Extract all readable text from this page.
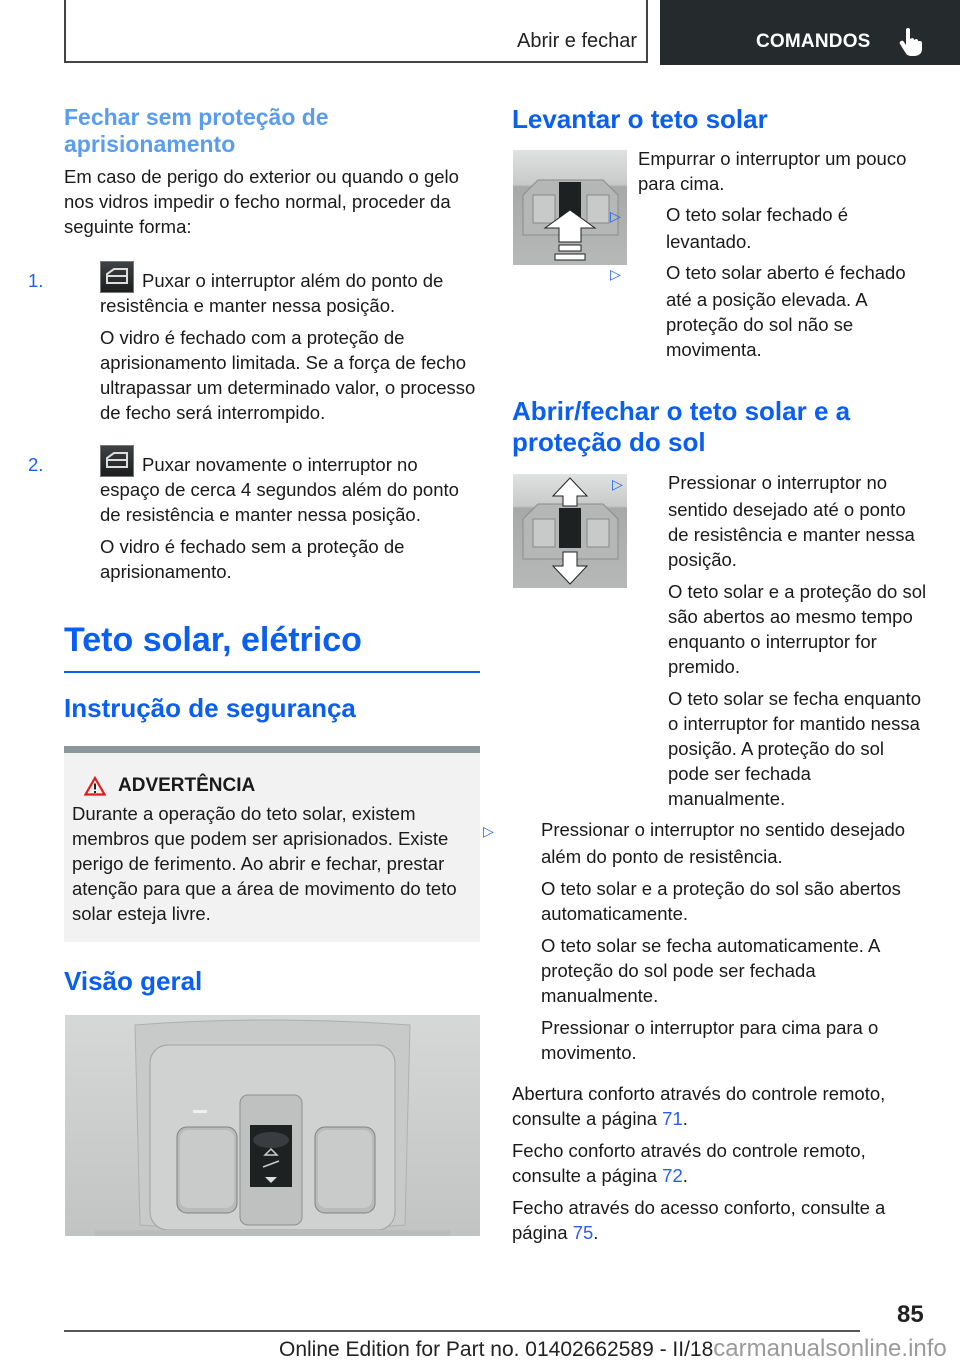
Abrir e fechar	COMANDOS
Fechar sem proteção de aprisionamento

Em caso de perigo do exterior ou quando o gelo nos vidros impedir o fecho normal, proceder da seguinte forma:

1.	Puxar o interruptor além do ponto de resistência e manter nessa posição.

O vidro é fechado com a proteção de aprisionamento limitada. Se a força de fecho ultrapassar um determinado valor, o processo de fecho será interrompido.

2.	Puxar novamente o interruptor no espaço de cerca 4 segundos além do ponto de resistência e manter nessa posição.

O vidro é fechado sem a proteção de aprisionamento.

Teto solar, elétrico
Instrução de segurança
ADVERTÊNCIA

Durante a operação do teto solar, existem membros que podem ser aprisionados. Existe perigo de ferimento. Ao abrir e fechar, prestar atenção para que a área de movimento do teto solar esteja livre.

Visão geral
Levantar o teto solar

Empurrar o interruptor um pouco para cima.

▷ O teto solar fechado é levantado.

▷ O teto solar aberto é fechado até a posição elevada. A proteção do sol não se movimenta.

Abrir/fechar o teto solar e a proteção do sol

▷ Pressionar o interruptor no sentido desejado até o ponto de resistência e manter nessa posição.

O teto solar e a proteção do sol são abertos ao mesmo tempo enquanto o interruptor for premido.

O teto solar se fecha enquanto o interruptor for mantido nessa posição. A proteção do sol pode ser fechada manualmente.

▷	Pressionar o interruptor no sentido desejado além do ponto de resistência.

O teto solar e a proteção do sol são abertos automaticamente.

O teto solar se fecha automaticamente. A proteção do sol pode ser fechada manualmente.

Pressionar o interruptor para cima para o movimento.

Abertura conforto através do controle remoto, consulte a página 71.

Fecho conforto através do controle remoto, consulte a página 72.

Fecho através do acesso conforto, consulte a página 75.

85
Online Edition for Part no. 01402662589 - II/18carmanualsonline.info
